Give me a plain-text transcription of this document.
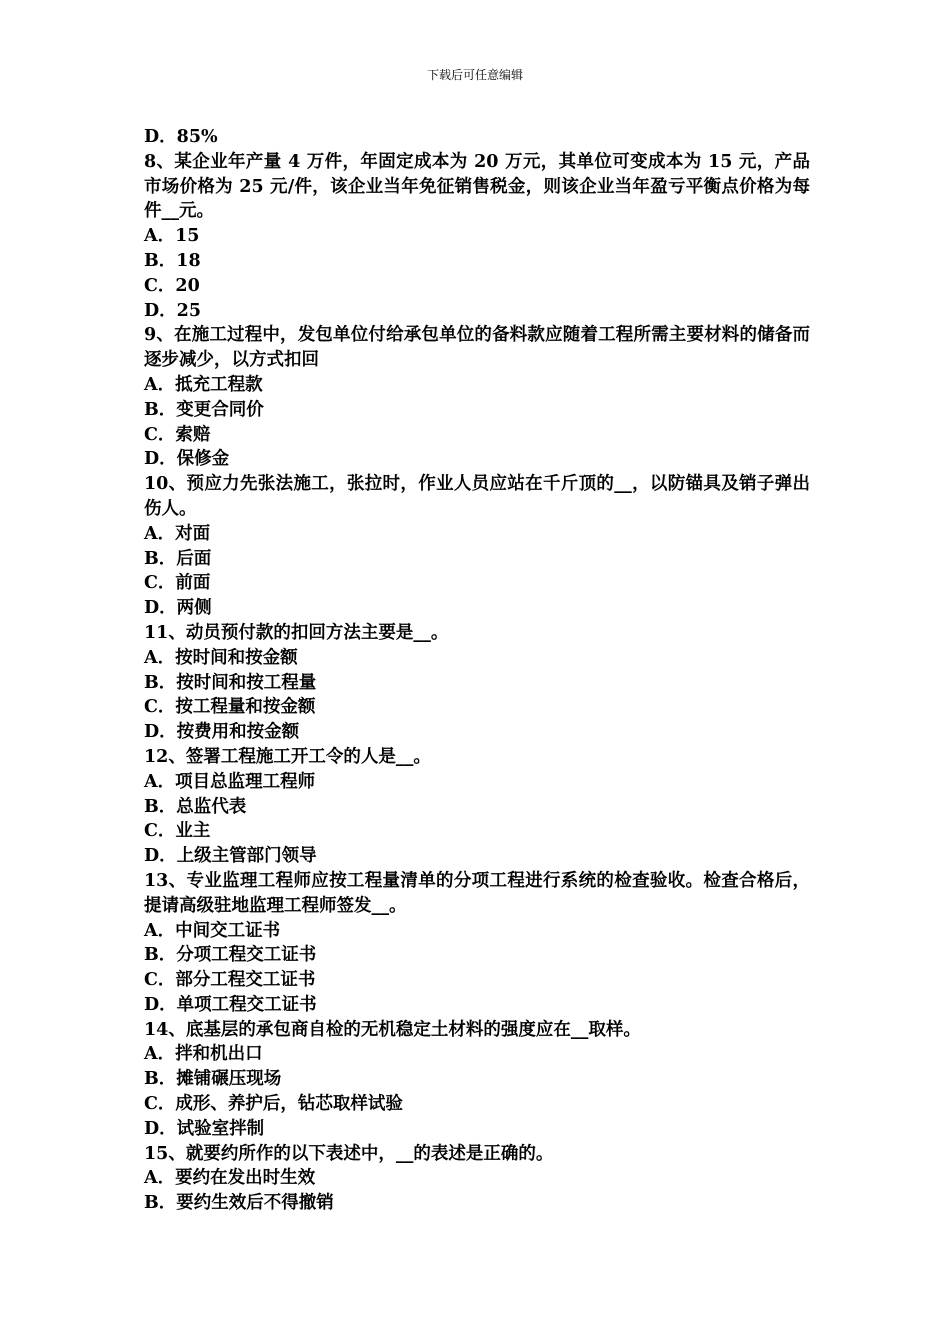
下载后可任意编辑

D．85%

8、某企业年产量 4 万件，年固定成本为 20 万元，其单位可变成本为 15 元，产品市场价格为 25 元/件，该企业当年免征销售税金，则该企业当年盈亏平衡点价格为每件__元。

A．15

B．18

C．20

D．25

9、在施工过程中，发包单位付给承包单位的备料款应随着工程所需主要材料的储备而逐步减少，以方式扣回

A．抵充工程款

B．变更合同价

C．索赔

D．保修金

10、预应力先张法施工，张拉时，作业人员应站在千斤顶的__，以防锚具及销子弹出伤人。

A．对面

B．后面

C．前面

D．两侧

11、动员预付款的扣回方法主要是__。

A．按时间和按金额

B．按时间和按工程量

C．按工程量和按金额

D．按费用和按金额

12、签署工程施工开工令的人是__。

A．项目总监理工程师

B．总监代表

C．业主

D．上级主管部门领导

13、专业监理工程师应按工程量清单的分项工程进行系统的检查验收。检查合格后，提请高级驻地监理工程师签发__。

A．中间交工证书

B．分项工程交工证书

C．部分工程交工证书

D．单项工程交工证书

14、底基层的承包商自检的无机稳定土材料的强度应在__取样。

A．拌和机出口

B．摊铺碾压现场

C．成形、养护后，钻芯取样试验

D．试验室拌制

15、就要约所作的以下表述中，__的表述是正确的。

A．要约在发出时生效

B．要约生效后不得撤销
